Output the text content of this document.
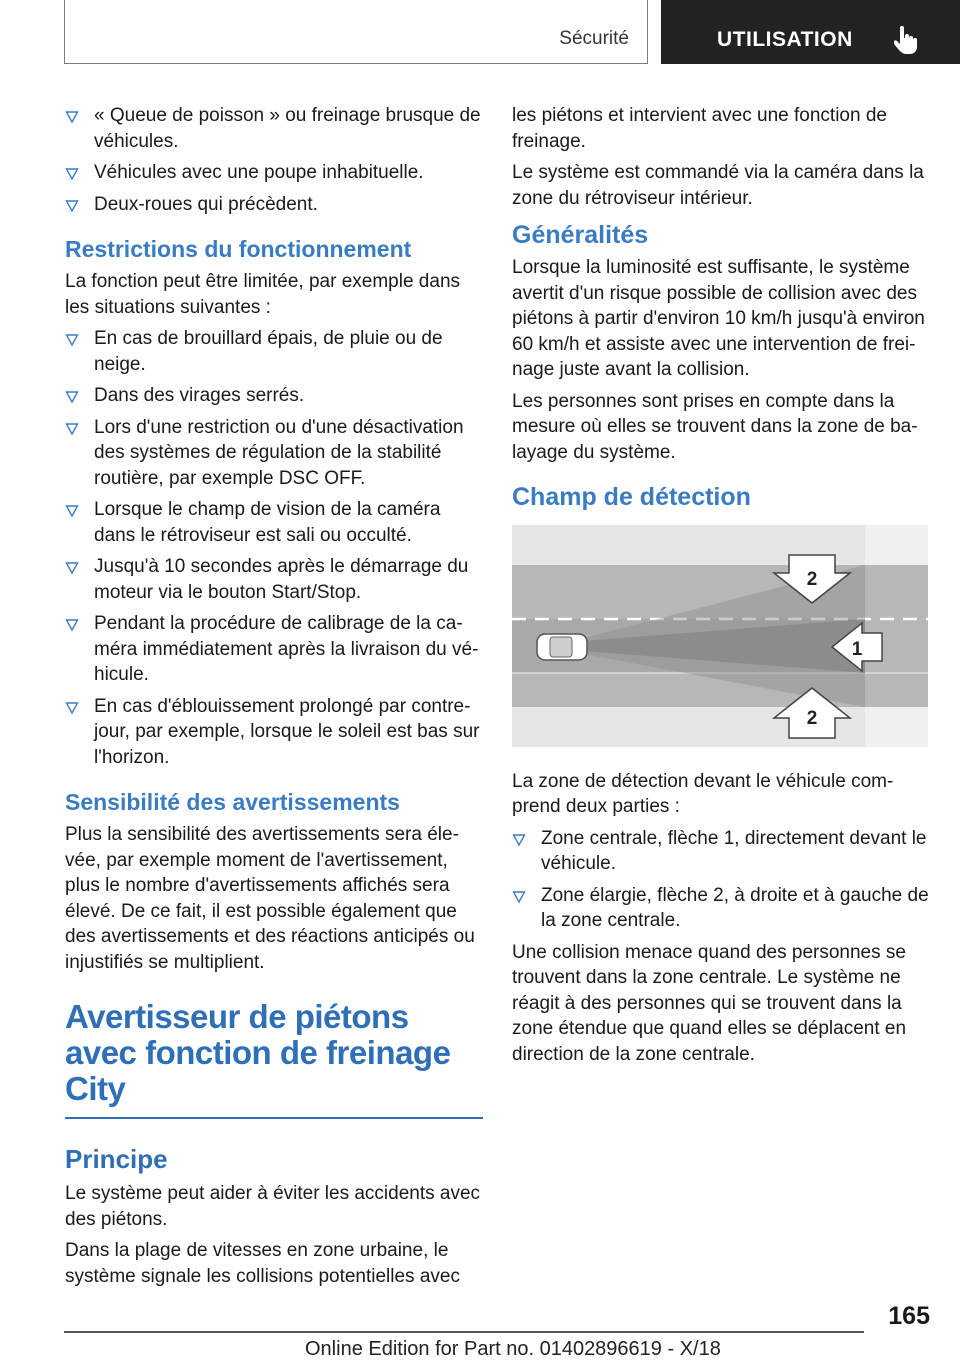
Sécurité	UTILISATION
« Queue de poisson » ou freinage brusque de véhicules.
Véhicules avec une poupe inhabituelle.
Deux-roues qui précèdent.
Restrictions du fonctionnement

La fonction peut être limitée, par exemple dans les situations suivantes :

En cas de brouillard épais, de pluie ou de neige.
Dans des virages serrés.
Lors d'une restriction ou d'une désactivation des systèmes de régulation de la stabilité routière, par exemple DSC OFF.
Lorsque le champ de vision de la caméra dans le rétroviseur est sali ou occulté.
Jusqu'à 10 secondes après le démarrage du moteur via le bouton Start/Stop.
Pendant la procédure de calibrage de la caméra immédiatement après la livraison du véhicule.
En cas d'éblouissement prolongé par contrejour, par exemple, lorsque le soleil est bas sur l'horizon.
Sensibilité des avertissements

Plus la sensibilité des avertissements sera élevée, par exemple moment de l'avertissement, plus le nombre d'avertissements affichés sera élevé. De ce fait, il est possible également que des avertissements et des réactions anticipés ou injustifiés se multiplient.

Avertisseur de piétons avec fonction de freinage City
Principe

Le système peut aider à éviter les accidents avec des piétons.

Dans la plage de vitesses en zone urbaine, le système signale les collisions potentielles avec

les piétons et intervient avec une fonction de freinage.

Le système est commandé via la caméra dans la zone du rétroviseur intérieur.

Généralités

Lorsque la luminosité est suffisante, le système avertit d'un risque possible de collision avec des piétons à partir d'environ 10 km/h jusqu'à environ 60 km/h et assiste avec une intervention de freinage juste avant la collision.

Les personnes sont prises en compte dans la mesure où elles se trouvent dans la zone de balayage du système.

Champ de détection
2
1
2

La zone de détection devant le véhicule comprend deux parties :

Zone centrale, flèche 1, directement devant le véhicule.
Zone élargie, flèche 2, à droite et à gauche de la zone centrale.

Une collision menace quand des personnes se trouvent dans la zone centrale. Le système ne réagit à des personnes qui se trouvent dans la zone étendue que quand elles se déplacent en direction de la zone centrale.

165
Online Edition for Part no. 01402896619 - X/18
